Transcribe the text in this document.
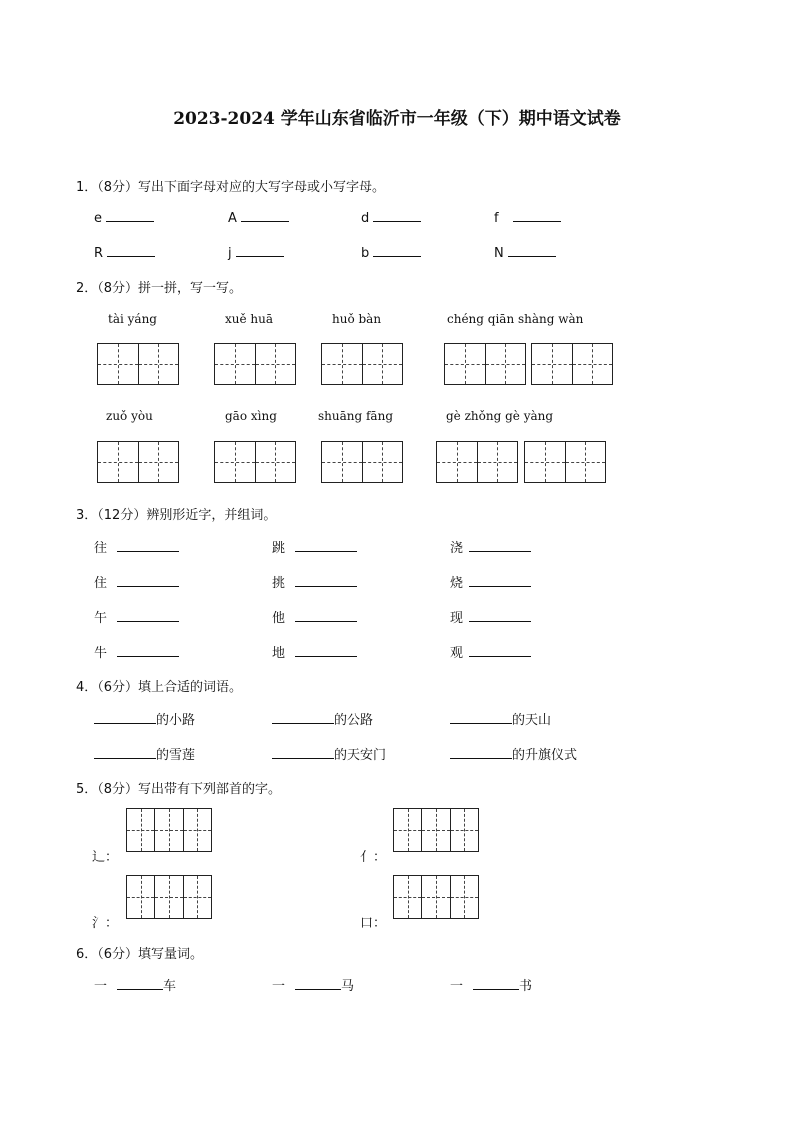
2023-2024 学年山东省临沂市一年级（下）期中语文试卷
1．（8分）写出下面字母对应的大写字母或小写字母。
e	A	d	f
R	j	b	N
2．（8分）拼一拼，写一写。
tài yáng	xuě huā	huǒ bàn	chéng qiān shàng wàn
zuǒ yòu	gāo xìng	shuāng fāng	gè zhǒng gè yàng
3．（12分）辨别形近字，并组词。
往	跳	浇
住	挑	烧
午	他	现
牛	地	观
4．（6分）填上合适的词语。
的小路	的公路	的天山
的雪莲	的天安门	的升旗仪式
5．（8分）写出带有下列部首的字。
辶：	亻：
氵：	口：
6．（6分）填写量词。
一	车	一	马	一	书
